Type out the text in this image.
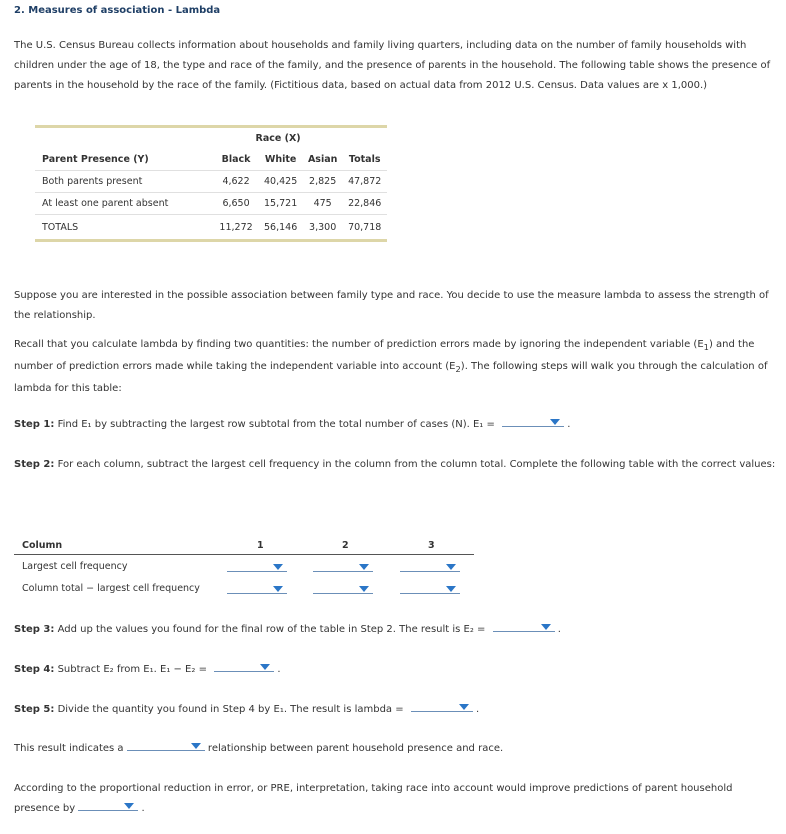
2. Measures of association - Lambda
The U.S. Census Bureau collects information about households and family living quarters, including data on the number of family households with children under the age of 18, the type and race of the family, and the presence of parents in the household. The following table shows the presence of parents in the household by the race of the family. (Fictitious data, based on actual data from 2012 U.S. Census. Data values are x 1,000.)
	Race (X)			
Parent Presence (Y)	Black	White	Asian	Totals
Both parents present	4,622	40,425	2,825	47,872
At least one parent absent	6,650	15,721	475	22,846
TOTALS	11,272	56,146	3,300	70,718
Suppose you are interested in the possible association between family type and race. You decide to use the measure lambda to assess the strength of the relationship.
Recall that you calculate lambda by finding two quantities: the number of prediction errors made by ignoring the independent variable $(E_1)$ and the number of prediction errors made while taking the independent variable into account $(E_2)$. The following steps will walk you through the calculation of lambda for this table:
Step 1: Find E₁ by subtracting the largest row subtotal from the total number of cases (N). E₁ =	.
Step 2: For each column, subtract the largest cell frequency in the column from the column total. Complete the following table with the correct values:
Column	1	2	3
Largest cell frequency
Column total − largest cell frequency
Step 3: Add up the values you found for the final row of the table in Step 2. The result is E₂ =	.
Step 4: Subtract E₂ from E₁. E₁ − E₂ =	.
Step 5: Divide the quantity you found in Step 4 by E₁. The result is lambda =	.
This result indicates a	relationship between parent household presence and race.
According to the proportional reduction in error, or PRE, interpretation, taking race into account would improve predictions of parent household presence by	.
